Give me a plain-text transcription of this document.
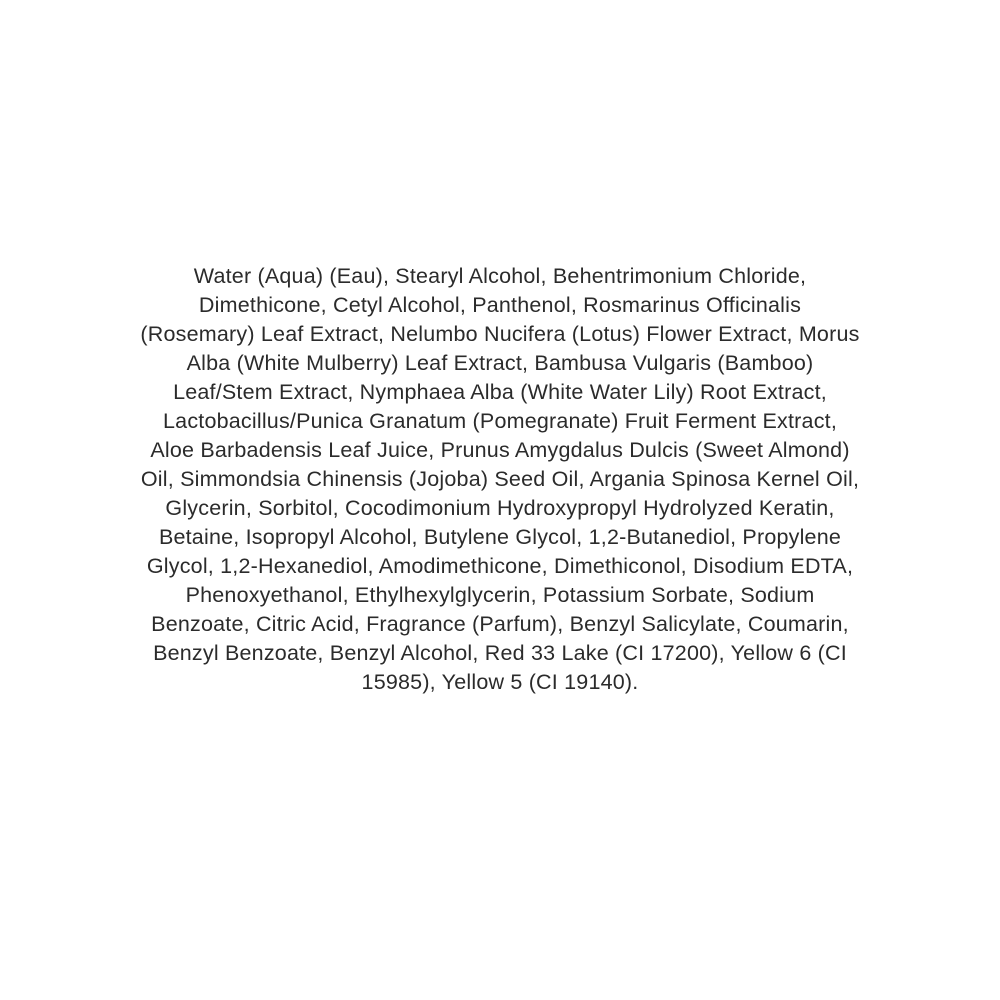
Water (Aqua) (Eau), Stearyl Alcohol, Behentrimonium Chloride,
Dimethicone, Cetyl Alcohol, Panthenol, Rosmarinus Officinalis
(Rosemary) Leaf Extract, Nelumbo Nucifera (Lotus) Flower Extract, Morus
Alba (White Mulberry) Leaf Extract, Bambusa Vulgaris (Bamboo)
Leaf/Stem Extract, Nymphaea Alba (White Water Lily) Root Extract,
Lactobacillus/Punica Granatum (Pomegranate) Fruit Ferment Extract,
Aloe Barbadensis Leaf Juice, Prunus Amygdalus Dulcis (Sweet Almond)
Oil, Simmondsia Chinensis (Jojoba) Seed Oil, Argania Spinosa Kernel Oil,
Glycerin, Sorbitol, Cocodimonium Hydroxypropyl Hydrolyzed Keratin,
Betaine, Isopropyl Alcohol, Butylene Glycol, 1,2-Butanediol, Propylene
Glycol, 1,2-Hexanediol, Amodimethicone, Dimethiconol, Disodium EDTA,
Phenoxyethanol, Ethylhexylglycerin, Potassium Sorbate, Sodium
Benzoate, Citric Acid, Fragrance (Parfum), Benzyl Salicylate, Coumarin,
Benzyl Benzoate, Benzyl Alcohol, Red 33 Lake (CI 17200), Yellow 6 (CI
15985), Yellow 5 (CI 19140).
